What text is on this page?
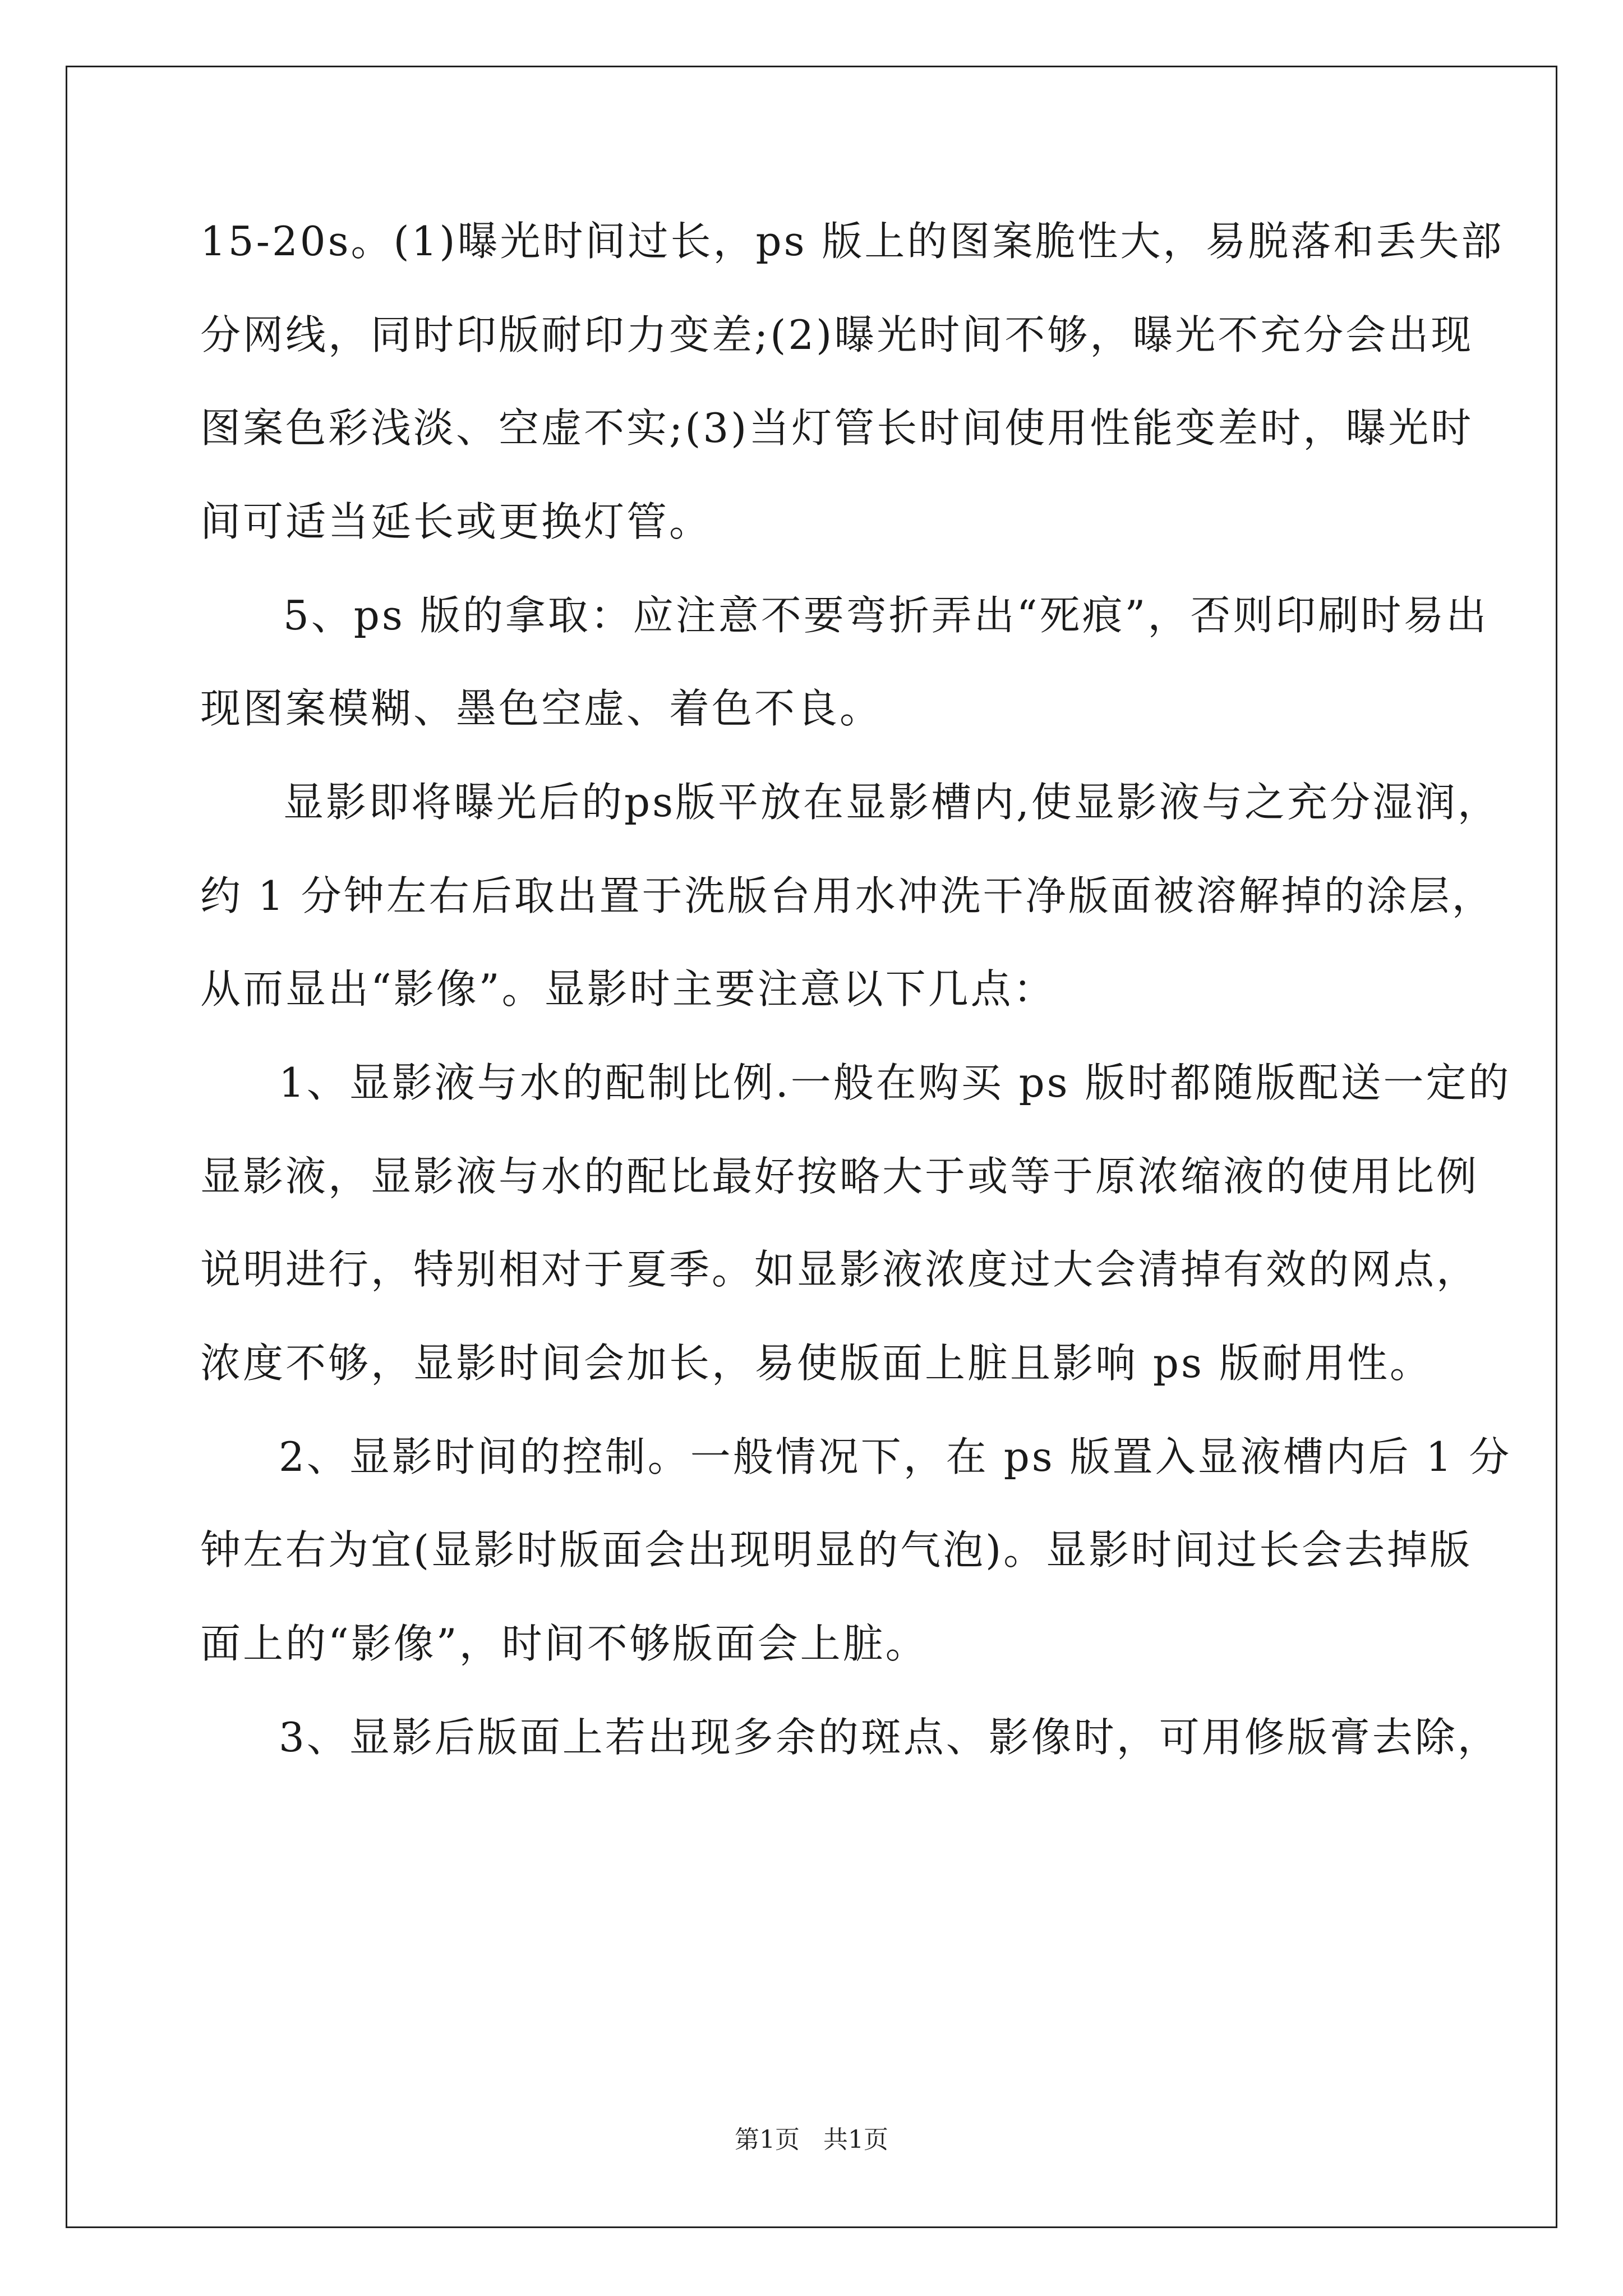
15-20s。(1)曝光时间过长，ps 版上的图案脆性大，易脱落和丢失部
分网线，同时印版耐印力变差;(2)曝光时间不够，曝光不充分会出现
图案色彩浅淡、空虚不实;(3)当灯管长时间使用性能变差时，曝光时
间可适当延长或更换灯管。
5、ps 版的拿取：应注意不要弯折弄出“死痕”，否则印刷时易出
现图案模糊、墨色空虚、着色不良。
显影即将曝光后的ps版平放在显影槽内,使显影液与之充分湿润，
约 1 分钟左右后取出置于洗版台用水冲洗干净版面被溶解掉的涂层，
从而显出“影像”。显影时主要注意以下几点：
1、显影液与水的配制比例.一般在购买 ps 版时都随版配送一定的
显影液，显影液与水的配比最好按略大于或等于原浓缩液的使用比例
说明进行，特别相对于夏季。如显影液浓度过大会清掉有效的网点，
浓度不够，显影时间会加长，易使版面上脏且影响 ps 版耐用性。
2、显影时间的控制。一般情况下，在 ps 版置入显液槽内后 1 分
钟左右为宜(显影时版面会出现明显的气泡)。显影时间过长会去掉版
面上的“影像”，时间不够版面会上脏。
3、显影后版面上若出现多余的斑点、影像时，可用修版膏去除，
第1页   共1页
